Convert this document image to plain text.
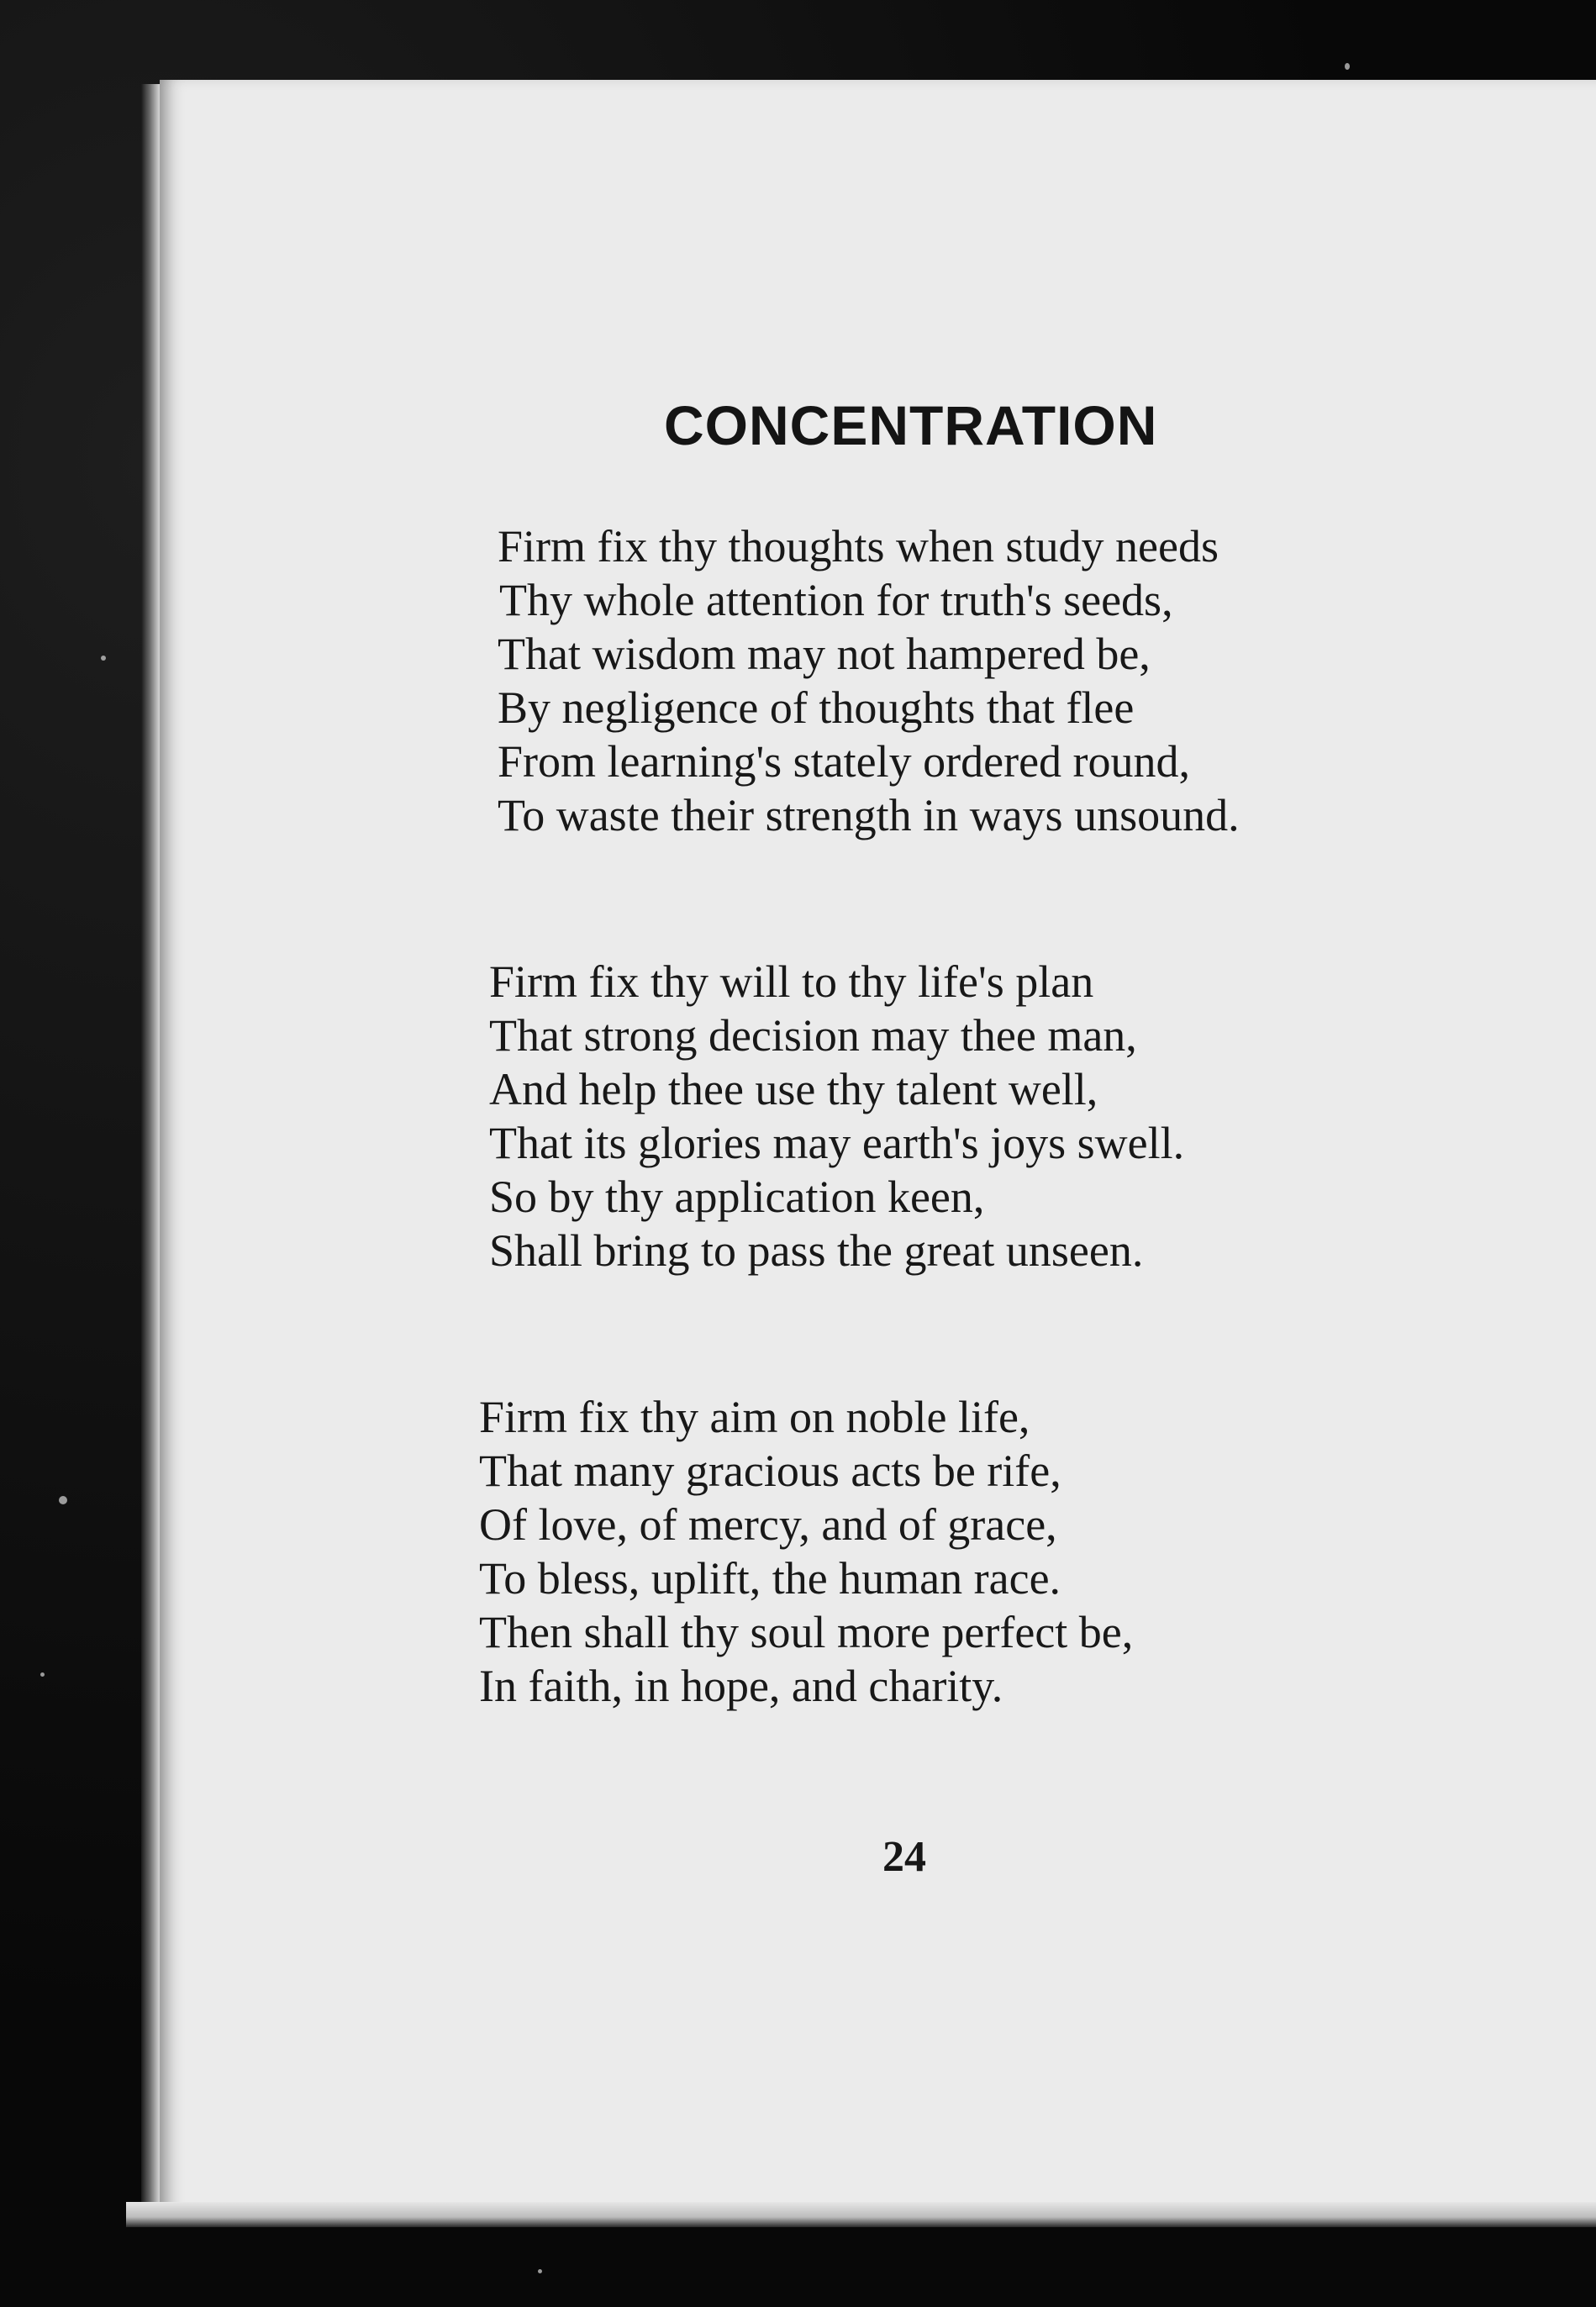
CONCENTRATION
Firm fix thy thoughts when study needs
Thy whole attention for truth's seeds,
That wisdom may not hampered be,
By negligence of thoughts that flee
From learning's stately ordered round,
To waste their strength in ways unsound.
Firm fix thy will to thy life's plan
That strong decision may thee man,
And help thee use thy talent well,
That its glories may earth's joys swell.
So by thy application keen,
Shall bring to pass the great unseen.
Firm fix thy aim on noble life,
That many gracious acts be rife,
Of love, of mercy, and of grace,
To bless, uplift, the human race.
Then shall thy soul more perfect be,
In faith, in hope, and charity.
24
